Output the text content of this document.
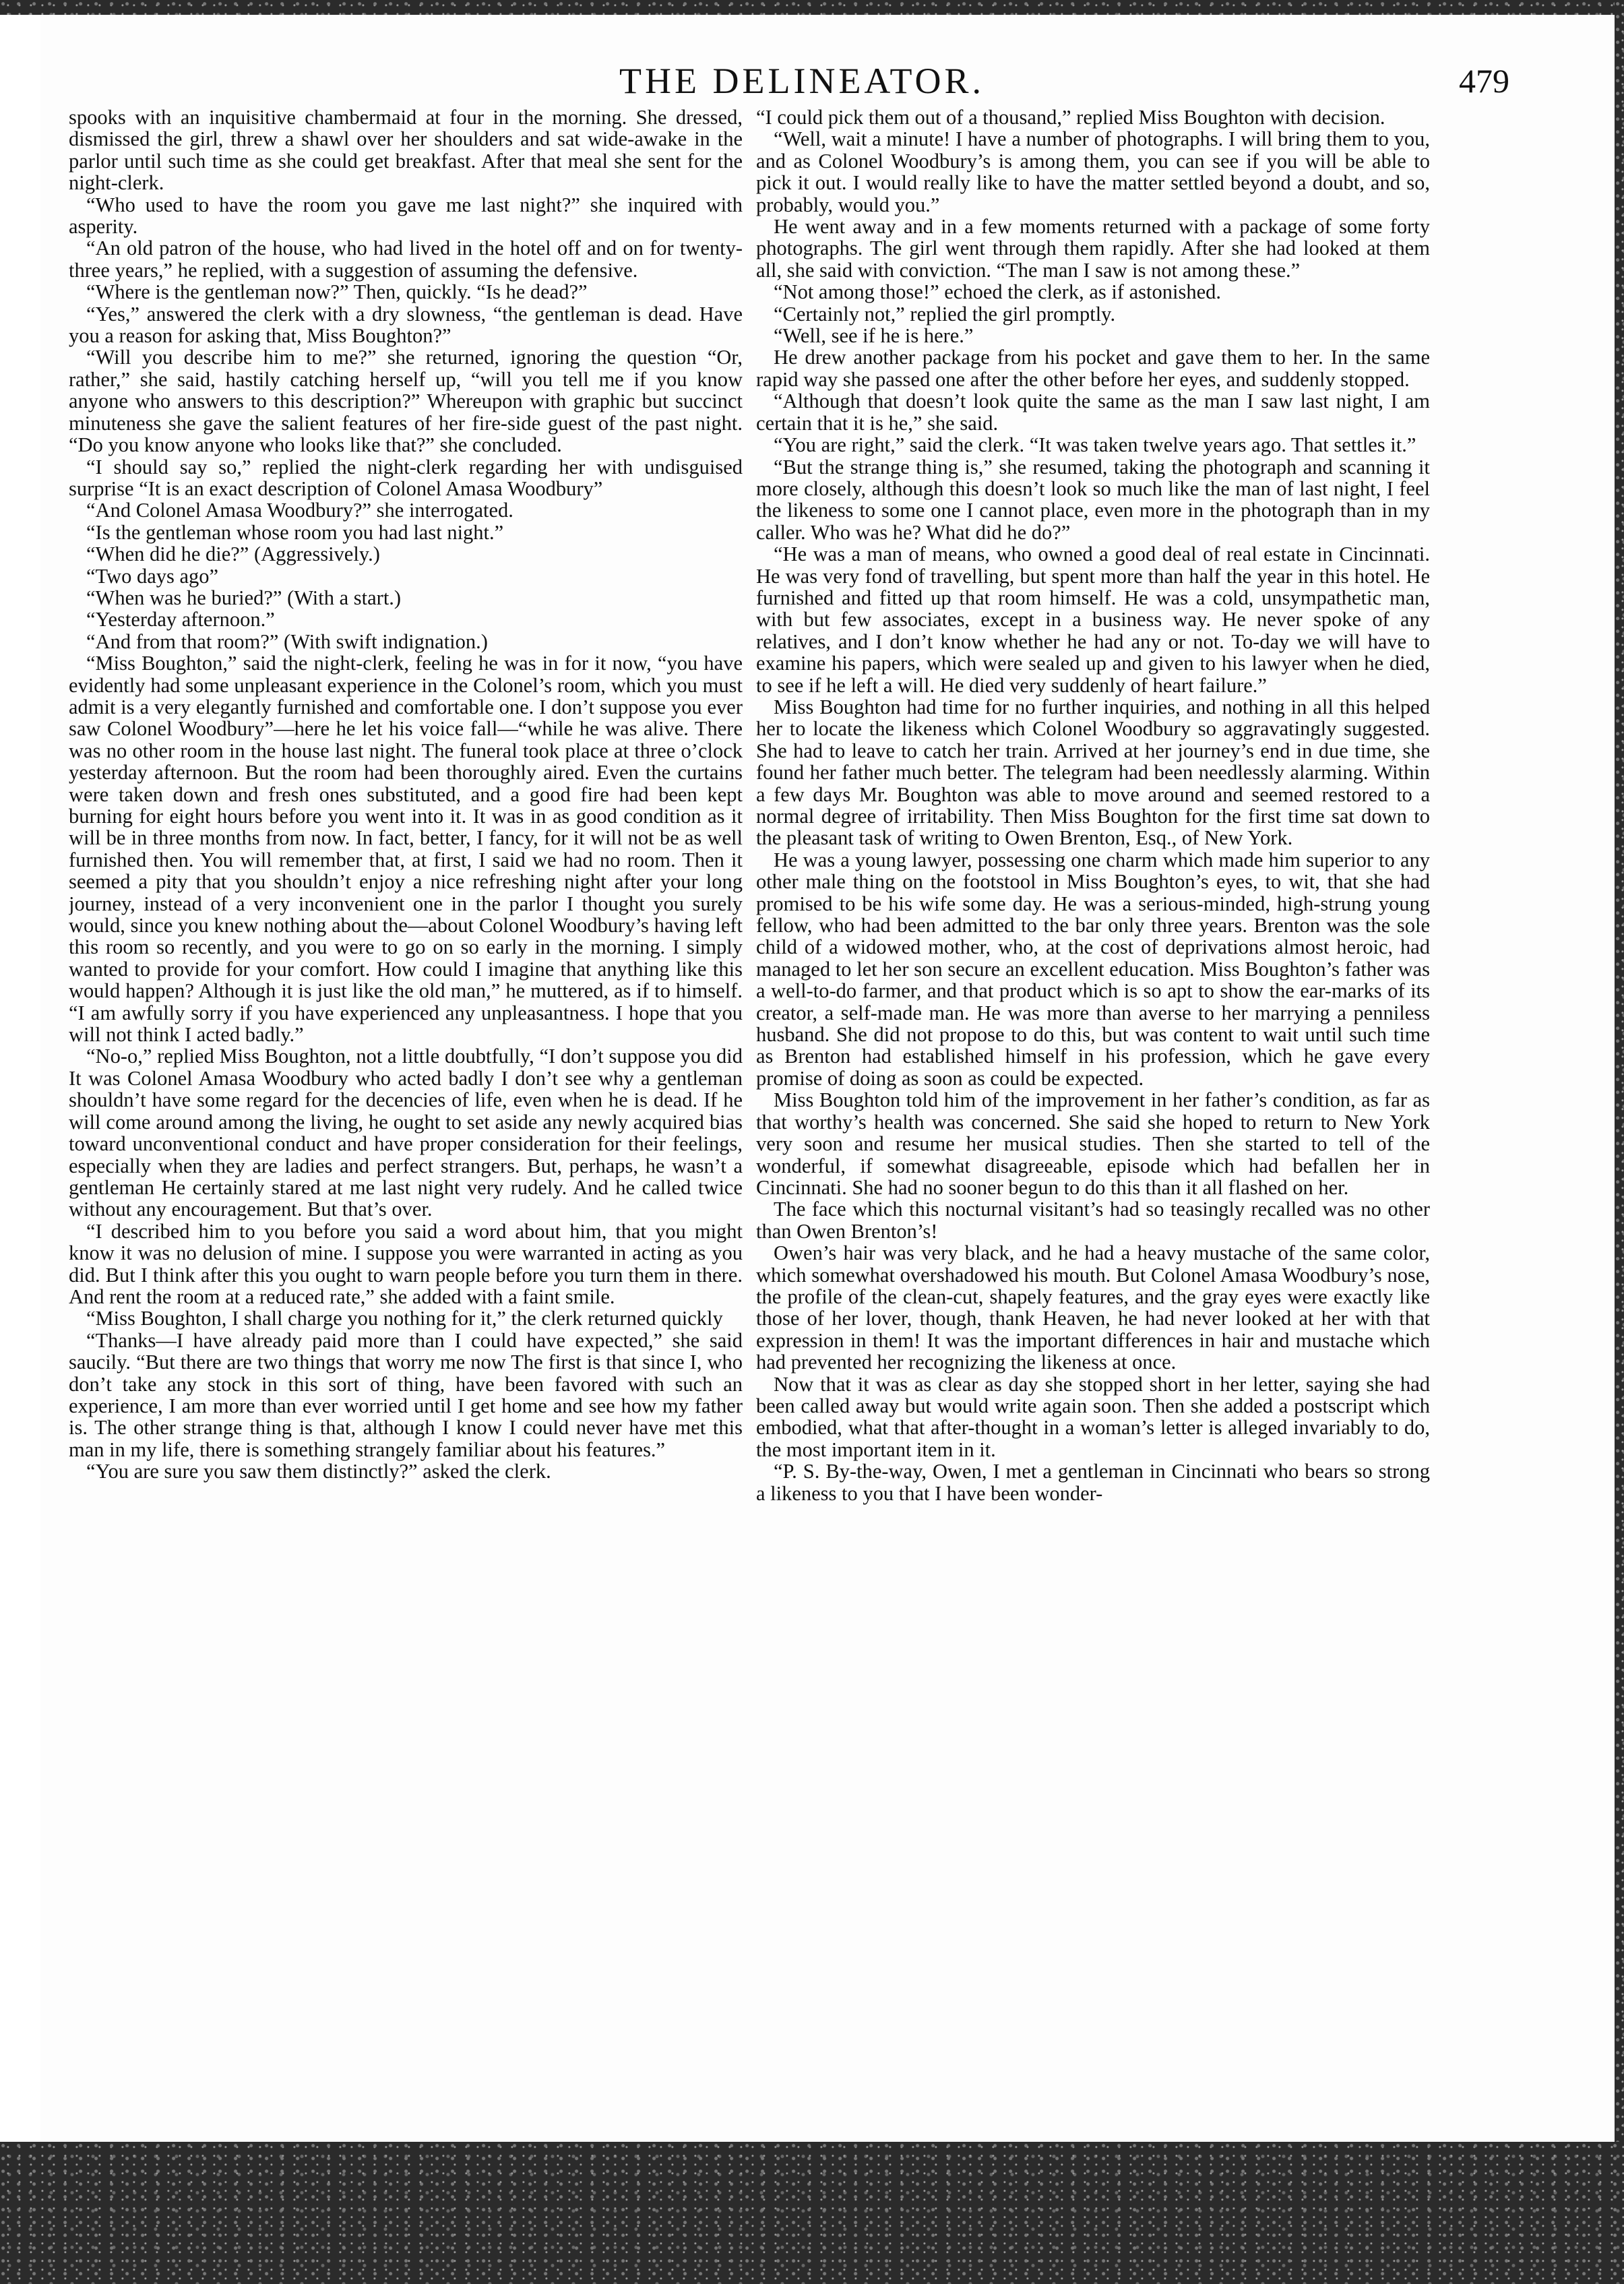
THE DELINEATOR.	479

spooks with an inquisitive chambermaid at four in the morning. She dressed, dismissed the girl, threw a shawl over her shoulders and sat wide-awake in the parlor until such time as she could get breakfast. After that meal she sent for the night-clerk.

“Who used to have the room you gave me last night?” she inquired with asperity.

“An old patron of the house, who had lived in the hotel off and on for twenty-three years,” he replied, with a suggestion of assuming the defensive.

“Where is the gentleman now?” Then, quickly. “Is he dead?”

“Yes,” answered the clerk with a dry slowness, “the gentleman is dead. Have you a reason for asking that, Miss Boughton?”

“Will you describe him to me?” she returned, ignoring the question “Or, rather,” she said, hastily catching herself up, “will you tell me if you know anyone who answers to this description?” Whereupon with graphic but succinct minuteness she gave the salient features of her fire-side guest of the past night. “Do you know anyone who looks like that?” she concluded.

“I should say so,” replied the night-clerk regarding her with undisguised surprise “It is an exact description of Colonel Amasa Woodbury”

“And Colonel Amasa Woodbury?” she interrogated.

“Is the gentleman whose room you had last night.”

“When did he die?” (Aggressively.)

“Two days ago”

“When was he buried?” (With a start.)

“Yesterday afternoon.”

“And from that room?” (With swift indignation.)

“Miss Boughton,” said the night-clerk, feeling he was in for it now, “you have evidently had some unpleasant experience in the Colonel’s room, which you must admit is a very elegantly furnished and comfortable one. I don’t suppose you ever saw Colonel Woodbury”—here he let his voice fall—“while he was alive. There was no other room in the house last night. The funeral took place at three o’clock yesterday afternoon. But the room had been thoroughly aired. Even the curtains were taken down and fresh ones substituted, and a good fire had been kept burning for eight hours before you went into it. It was in as good condition as it will be in three months from now. In fact, better, I fancy, for it will not be as well furnished then. You will remember that, at first, I said we had no room. Then it seemed a pity that you shouldn’t enjoy a nice refreshing night after your long journey, instead of a very inconvenient one in the parlor I thought you surely would, since you knew nothing about the—about Colonel Woodbury’s having left this room so recently, and you were to go on so early in the morning. I simply wanted to provide for your comfort. How could I imagine that anything like this would happen? Although it is just like the old man,” he muttered, as if to himself. “I am awfully sorry if you have experienced any unpleasantness. I hope that you will not think I acted badly.”

“No-o,” replied Miss Boughton, not a little doubtfully, “I don’t suppose you did It was Colonel Amasa Woodbury who acted badly I don’t see why a gentleman shouldn’t have some regard for the decencies of life, even when he is dead. If he will come around among the living, he ought to set aside any newly acquired bias toward unconventional conduct and have proper consideration for their feelings, especially when they are ladies and perfect strangers. But, perhaps, he wasn’t a gentleman He certainly stared at me last night very rudely. And he called twice without any encouragement. But that’s over.

“I described him to you before you said a word about him, that you might know it was no delusion of mine. I suppose you were warranted in acting as you did. But I think after this you ought to warn people before you turn them in there. And rent the room at a reduced rate,” she added with a faint smile.

“Miss Boughton, I shall charge you nothing for it,” the clerk returned quickly

“Thanks—I have already paid more than I could have expected,” she said saucily. “But there are two things that worry me now The first is that since I, who don’t take any stock in this sort of thing, have been favored with such an experience, I am more than ever worried until I get home and see how my father is. The other strange thing is that, although I know I could never have met this man in my life, there is something strangely familiar about his features.”

“You are sure you saw them distinctly?” asked the clerk.

“I could pick them out of a thousand,” replied Miss Boughton with decision.

“Well, wait a minute! I have a number of photographs. I will bring them to you, and as Colonel Woodbury’s is among them, you can see if you will be able to pick it out. I would really like to have the matter settled beyond a doubt, and so, probably, would you.”

He went away and in a few moments returned with a package of some forty photographs. The girl went through them rapidly. After she had looked at them all, she said with conviction. “The man I saw is not among these.”

“Not among those!” echoed the clerk, as if astonished.

“Certainly not,” replied the girl promptly.

“Well, see if he is here.”

He drew another package from his pocket and gave them to her. In the same rapid way she passed one after the other before her eyes, and suddenly stopped.

“Although that doesn’t look quite the same as the man I saw last night, I am certain that it is he,” she said.

“You are right,” said the clerk. “It was taken twelve years ago. That settles it.”

“But the strange thing is,” she resumed, taking the photograph and scanning it more closely, although this doesn’t look so much like the man of last night, I feel the likeness to some one I cannot place, even more in the photograph than in my caller. Who was he? What did he do?”

“He was a man of means, who owned a good deal of real estate in Cincinnati. He was very fond of travelling, but spent more than half the year in this hotel. He furnished and fitted up that room himself. He was a cold, unsympathetic man, with but few associates, except in a business way. He never spoke of any relatives, and I don’t know whether he had any or not. To-day we will have to examine his papers, which were sealed up and given to his lawyer when he died, to see if he left a will. He died very suddenly of heart failure.”

Miss Boughton had time for no further inquiries, and nothing in all this helped her to locate the likeness which Colonel Woodbury so aggravatingly suggested. She had to leave to catch her train. Arrived at her journey’s end in due time, she found her father much better. The telegram had been needlessly alarming. Within a few days Mr. Boughton was able to move around and seemed restored to a normal degree of irritability. Then Miss Boughton for the first time sat down to the pleasant task of writing to Owen Brenton, Esq., of New York.

He was a young lawyer, possessing one charm which made him superior to any other male thing on the footstool in Miss Boughton’s eyes, to wit, that she had promised to be his wife some day. He was a serious-minded, high-strung young fellow, who had been admitted to the bar only three years. Brenton was the sole child of a widowed mother, who, at the cost of deprivations almost heroic, had managed to let her son secure an excellent education. Miss Boughton’s father was a well-to-do farmer, and that product which is so apt to show the ear-marks of its creator, a self-made man. He was more than averse to her marrying a penniless husband. She did not propose to do this, but was content to wait until such time as Brenton had established himself in his profession, which he gave every promise of doing as soon as could be expected.

Miss Boughton told him of the improvement in her father’s condition, as far as that worthy’s health was concerned. She said she hoped to return to New York very soon and resume her musical studies. Then she started to tell of the wonderful, if somewhat disagreeable, episode which had befallen her in Cincinnati. She had no sooner begun to do this than it all flashed on her.

The face which this nocturnal visitant’s had so teasingly recalled was no other than Owen Brenton’s!

Owen’s hair was very black, and he had a heavy mustache of the same color, which somewhat overshadowed his mouth. But Colonel Amasa Woodbury’s nose, the profile of the clean-cut, shapely features, and the gray eyes were exactly like those of her lover, though, thank Heaven, he had never looked at her with that expression in them! It was the important differences in hair and mustache which had prevented her recognizing the likeness at once.

Now that it was as clear as day she stopped short in her letter, saying she had been called away but would write again soon. Then she added a postscript which embodied, what that after-thought in a woman’s letter is alleged invariably to do, the most important item in it.

“P. S. By-the-way, Owen, I met a gentleman in Cincinnati who bears so strong a likeness to you that I have been wonder-
